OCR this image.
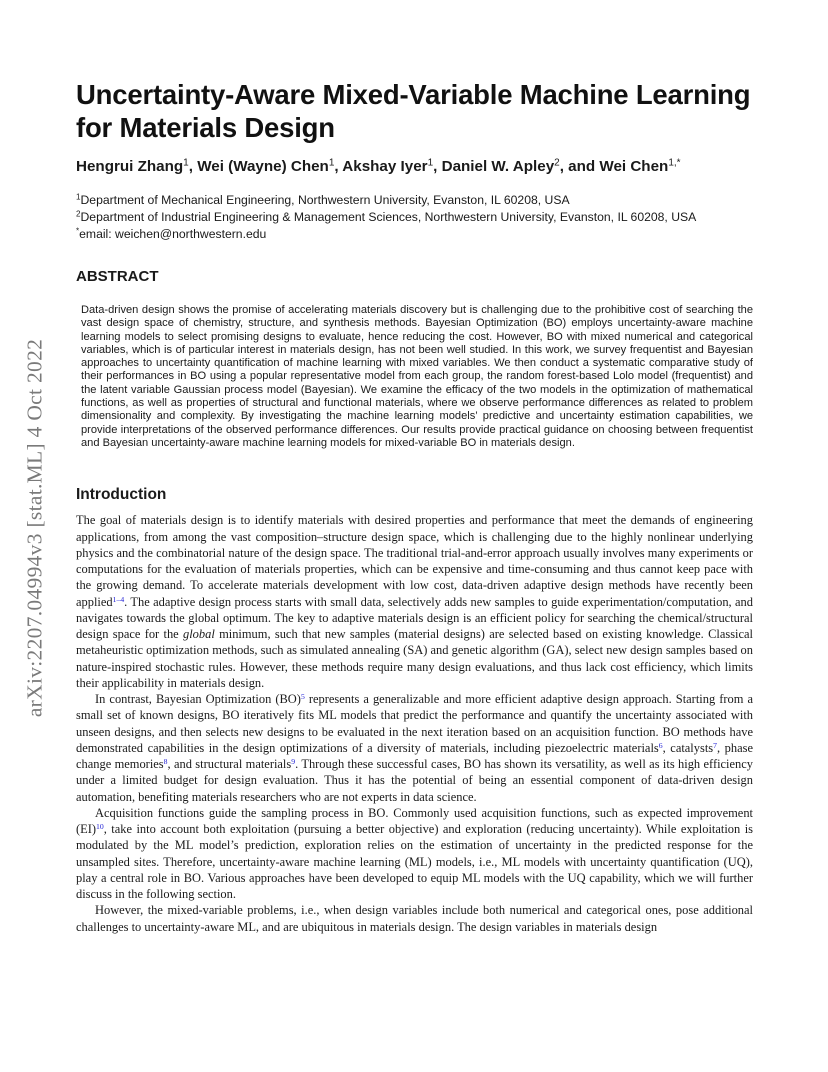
arXiv:2207.04994v3 [stat.ML] 4 Oct 2022
Uncertainty-Aware Mixed-Variable Machine Learning
for Materials Design
Hengrui Zhang$^1$, Wei (Wayne) Chen$^1$, Akshay Iyer$^1$, Daniel W. Apley$^2$, and Wei Chen$^{1,*}$
$^1$Department of Mechanical Engineering, Northwestern University, Evanston, IL 60208, USA
$^2$Department of Industrial Engineering & Management Sciences, Northwestern University, Evanston, IL 60208, USA
*email: weichen@northwestern.edu
ABSTRACT

Data-driven design shows the promise of accelerating materials discovery but is challenging due to the prohibitive cost of searching the vast design space of chemistry, structure, and synthesis methods. Bayesian Optimization (BO) employs uncertainty-aware machine learning models to select promising designs to evaluate, hence reducing the cost. However, BO with mixed numerical and categorical variables, which is of particular interest in materials design, has not been well studied. In this work, we survey frequentist and Bayesian approaches to uncertainty quantification of machine learning with mixed variables. We then conduct a systematic comparative study of their performances in BO using a popular representative model from each group, the random forest-based Lolo model (frequentist) and the latent variable Gaussian process model (Bayesian). We examine the efficacy of the two models in the optimization of mathematical functions, as well as properties of structural and functional materials, where we observe performance differences as related to problem dimensionality and complexity. By investigating the machine learning models’ predictive and uncertainty estimation capabilities, we provide interpretations of the observed performance differences. Our results provide practical guidance on choosing between frequentist and Bayesian uncertainty-aware machine learning models for mixed-variable BO in materials design.

Introduction

The goal of materials design is to identify materials with desired properties and performance that meet the demands of engineering applications, from among the vast composition–structure design space, which is challenging due to the highly nonlinear underlying physics and the combinatorial nature of the design space. The traditional trial-and-error approach usually involves many experiments or computations for the evaluation of materials properties, which can be expensive and time-consuming and thus cannot keep pace with the growing demand. To accelerate materials development with low cost, data-driven adaptive design methods have recently been applied$^{1-4}$. The adaptive design process starts with small data, selectively adds new samples to guide experimentation/computation, and navigates towards the global optimum. The key to adaptive materials design is an efficient policy for searching the chemical/structural design space for the global minimum, such that new samples (material designs) are selected based on existing knowledge. Classical metaheuristic optimization methods, such as simulated annealing (SA) and genetic algorithm (GA), select new design samples based on nature-inspired stochastic rules. However, these methods require many design evaluations, and thus lack cost efficiency, which limits their applicability in materials design.

In contrast, Bayesian Optimization (BO)$^5$ represents a generalizable and more efficient adaptive design approach. Starting from a small set of known designs, BO iteratively fits ML models that predict the performance and quantify the uncertainty associated with unseen designs, and then selects new designs to be evaluated in the next iteration based on an acquisition function. BO methods have demonstrated capabilities in the design optimizations of a diversity of materials, including piezoelectric materials$^6$, catalysts$^7$, phase change memories$^8$, and structural materials$^9$. Through these successful cases, BO has shown its versatility, as well as its high efficiency under a limited budget for design evaluation. Thus it has the potential of being an essential component of data-driven design automation, benefiting materials researchers who are not experts in data science.

Acquisition functions guide the sampling process in BO. Commonly used acquisition functions, such as expected improvement (EI)$^{10}$, take into account both exploitation (pursuing a better objective) and exploration (reducing uncertainty). While exploitation is modulated by the ML model’s prediction, exploration relies on the estimation of uncertainty in the predicted response for the unsampled sites. Therefore, uncertainty-aware machine learning (ML) models, i.e., ML models with uncertainty quantification (UQ), play a central role in BO. Various approaches have been developed to equip ML models with the UQ capability, which we will further discuss in the following section.

However, the mixed-variable problems, i.e., when design variables include both numerical and categorical ones, pose additional challenges to uncertainty-aware ML, and are ubiquitous in materials design. The design variables in materials design
